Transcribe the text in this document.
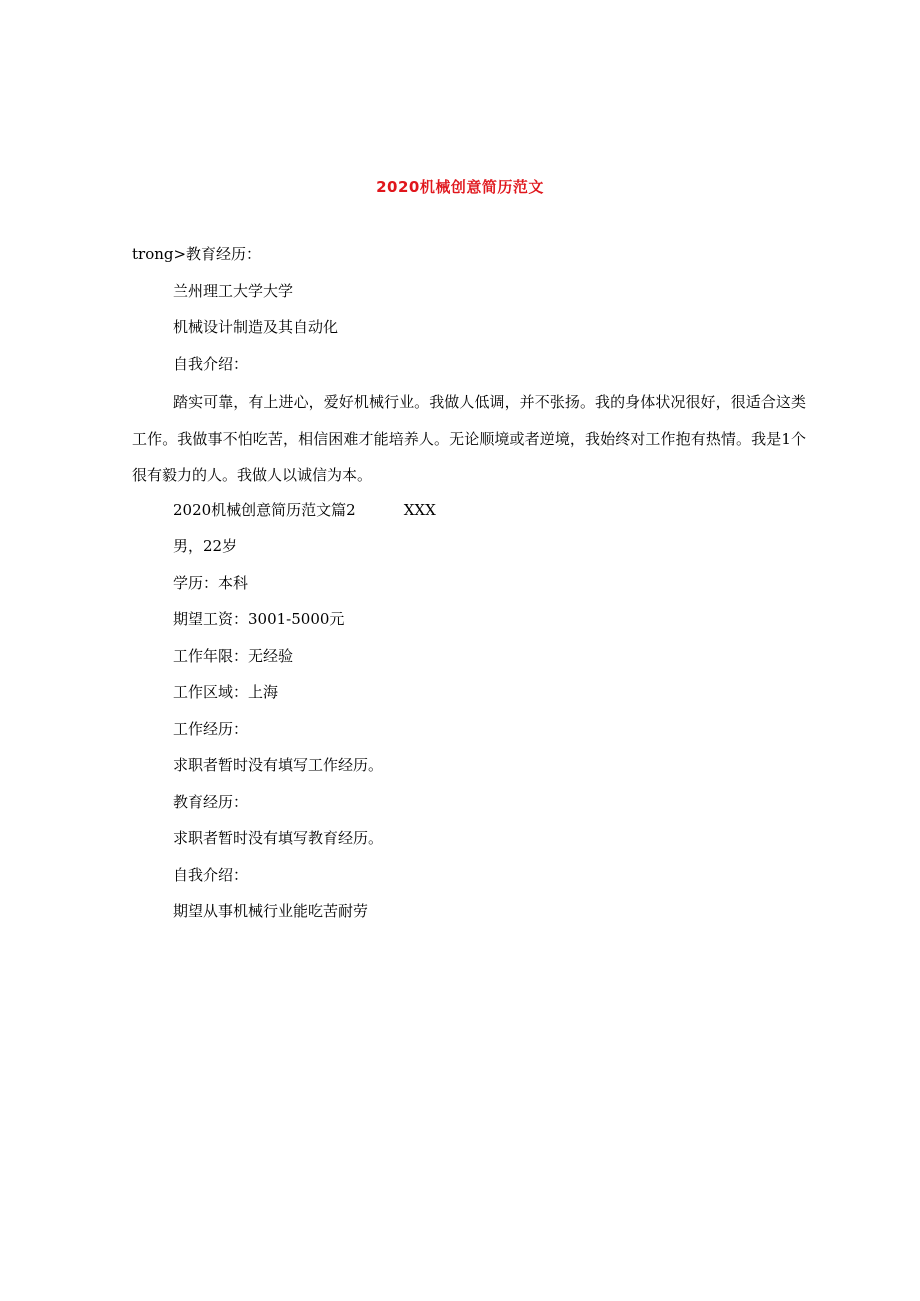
2020机械创意简历范文
trong>教育经历：
兰州理工大学大学
机械设计制造及其自动化
自我介绍：
踏实可靠，有上进心，爱好机械行业。我做人低调，并不张扬。我的身体状况很好，很适合这类工作。我做事不怕吃苦，相信困难才能培养人。无论顺境或者逆境，我始终对工作抱有热情。我是1个很有毅力的人。我做人以诚信为本。
2020机械创意简历范文篇2	XXX
男，22岁
学历：本科
期望工资：3001-5000元
工作年限：无经验
工作区域：上海
工作经历：
求职者暂时没有填写工作经历。
教育经历：
求职者暂时没有填写教育经历。
自我介绍：
期望从事机械行业能吃苦耐劳
